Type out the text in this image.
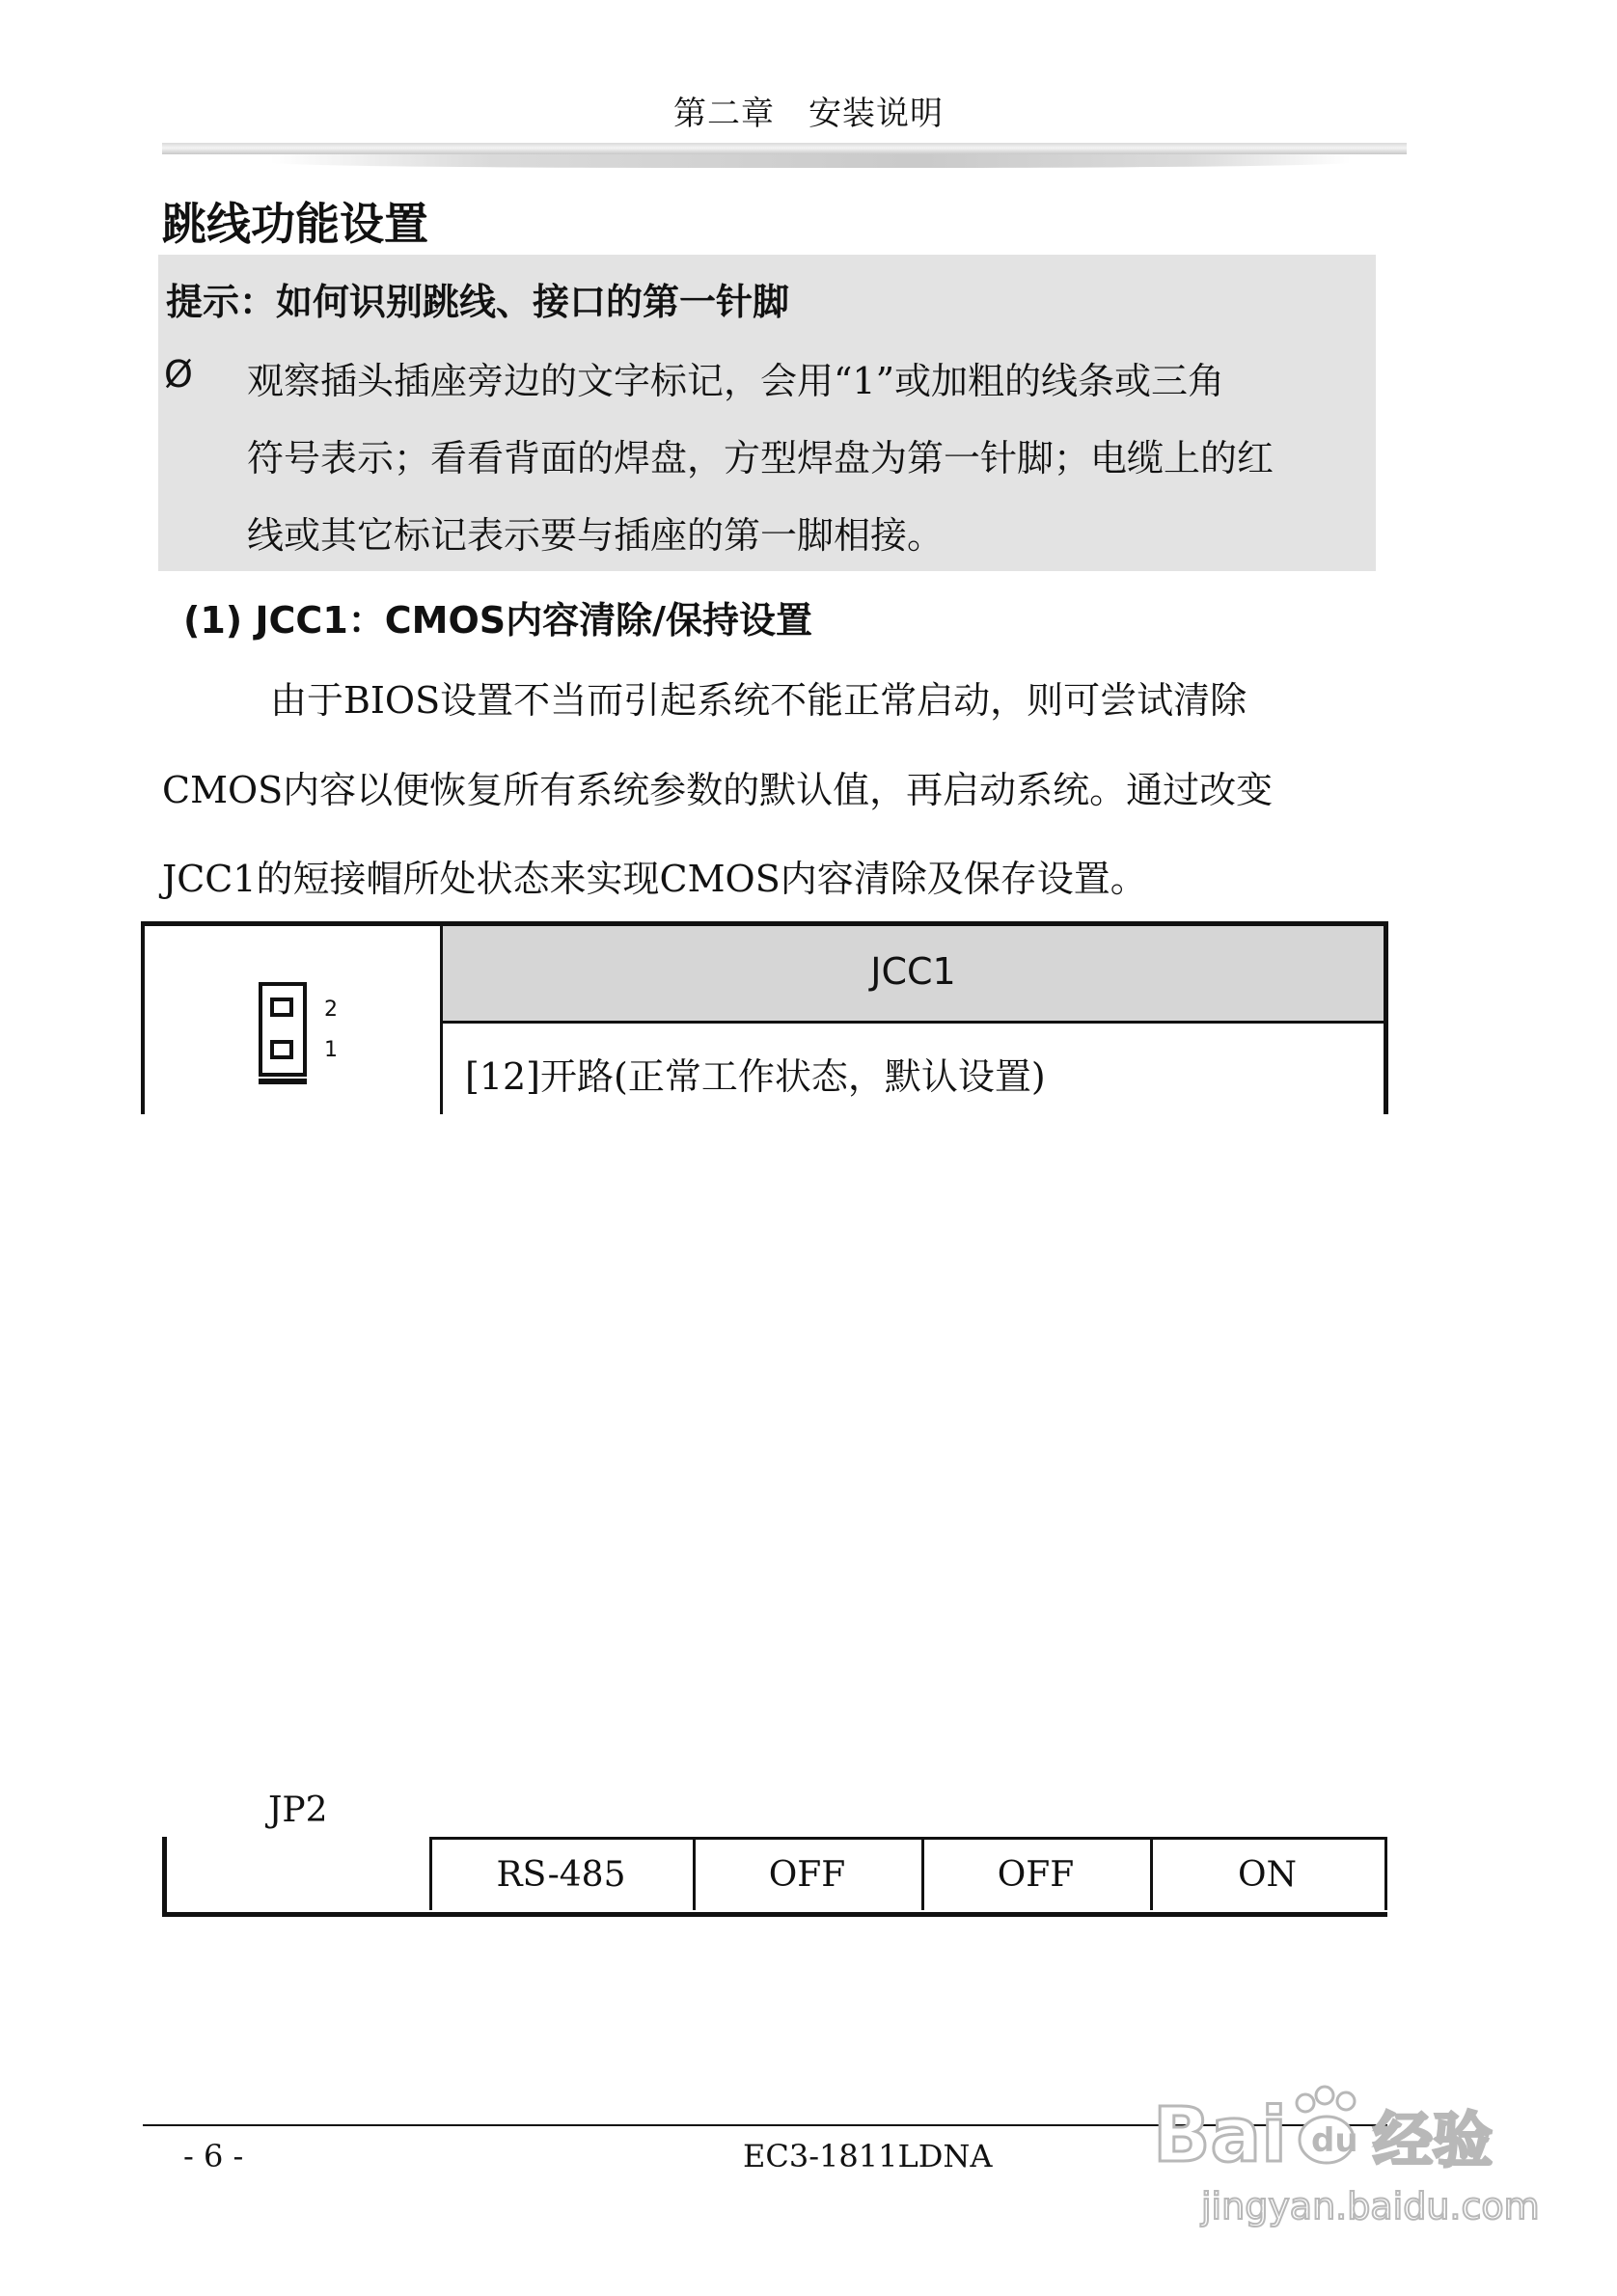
第二章　安装说明
跳线功能设置
提示：如何识别跳线、接口的第一针脚
Ø 观察插头插座旁边的文字标记，会用“1”或加粗的线条或三角
符号表示；看看背面的焊盘，方型焊盘为第一针脚；电缆上的红
线或其它标记表示要与插座的第一脚相接。
(1) JCC1：CMOS内容清除/保持设置
由于BIOS设置不当而引起系统不能正常启动，则可尝试清除
CMOS内容以便恢复所有系统参数的默认值，再启动系统。通过改变
JCC1的短接帽所处状态来实现CMOS内容清除及保存设置。
JCC1
[12]开路(正常工作状态，默认设置)
2
1
JP2
RS-485	OFF	OFF	ON
- 6 -	EC3-1811LDNA Bai du 经验
jingyan.baidu.com
